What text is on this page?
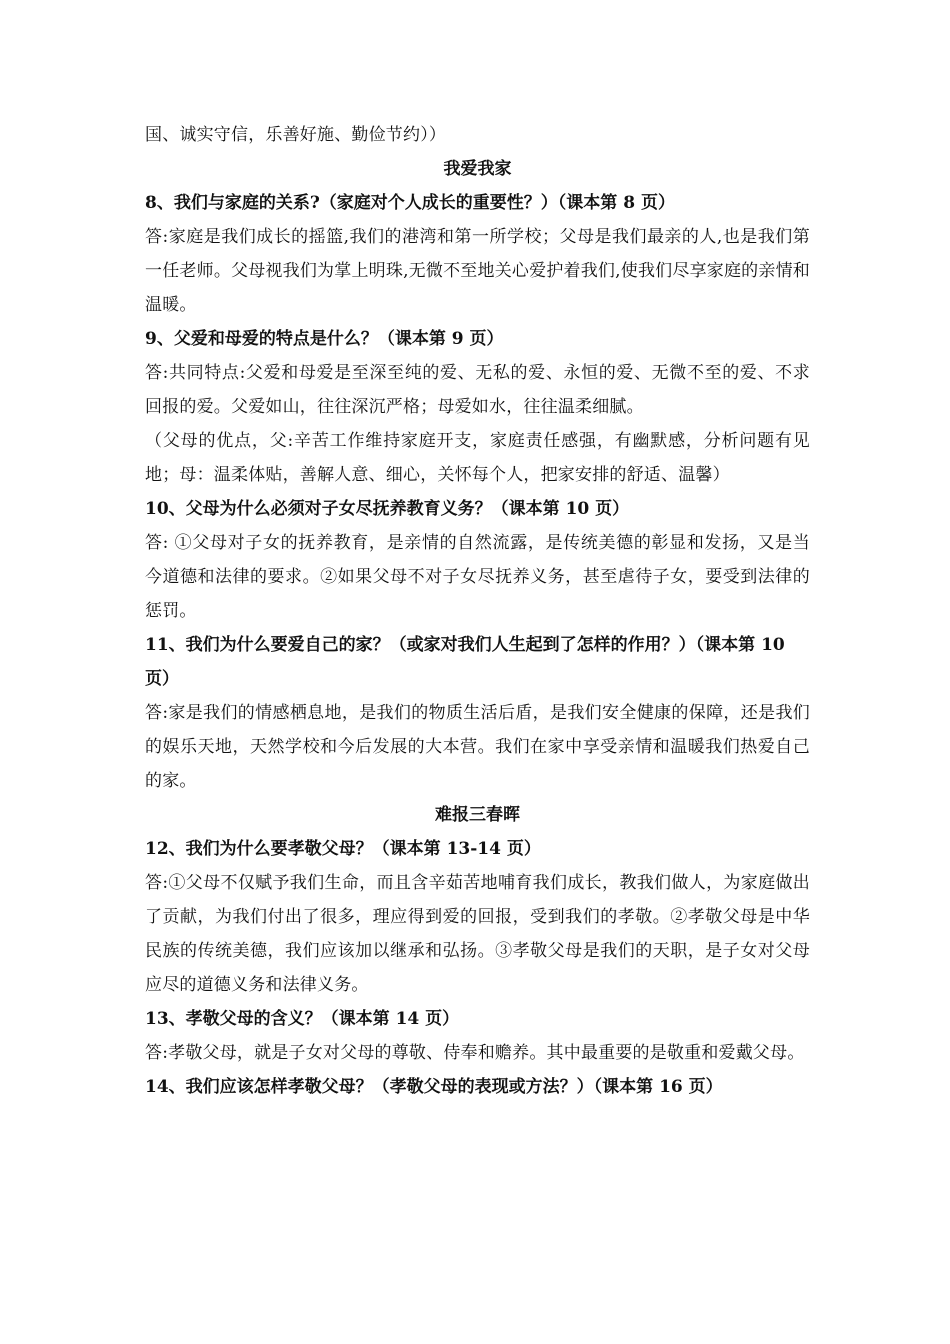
国、诚实守信，乐善好施、勤俭节约））

我爱我家

8、我们与家庭的关系?（家庭对个人成长的重要性？）（课本第 8 页）

答:家庭是我们成长的摇篮,我们的港湾和第一所学校；父母是我们最亲的人,也是我们第一任老师。父母视我们为掌上明珠,无微不至地关心爱护着我们,使我们尽享家庭的亲情和温暖。

9、父爱和母爱的特点是什么？（课本第 9 页）

答:共同特点:父爱和母爱是至深至纯的爱、无私的爱、永恒的爱、无微不至的爱、不求回报的爱。父爱如山，往往深沉严格；母爱如水，往往温柔细腻。

（父母的优点，父:辛苦工作维持家庭开支，家庭责任感强，有幽默感，分析问题有见地；母：温柔体贴，善解人意、细心，关怀每个人，把家安排的舒适、温馨）

10、父母为什么必须对子女尽抚养教育义务？（课本第 10 页）

答: ①父母对子女的抚养教育，是亲情的自然流露，是传统美德的彰显和发扬，又是当今道德和法律的要求。②如果父母不对子女尽抚养义务，甚至虐待子女，要受到法律的惩罚。

11、我们为什么要爱自己的家？（或家对我们人生起到了怎样的作用？）（课本第 10 页）

答:家是我们的情感栖息地，是我们的物质生活后盾，是我们安全健康的保障，还是我们的娱乐天地，天然学校和今后发展的大本营。我们在家中享受亲情和温暖我们热爱自己的家。

难报三春晖

12、我们为什么要孝敬父母？（课本第 13-14 页）

答:①父母不仅赋予我们生命，而且含辛茹苦地哺育我们成长，教我们做人，为家庭做出了贡献，为我们付出了很多，理应得到爱的回报，受到我们的孝敬。②孝敬父母是中华民族的传统美德，我们应该加以继承和弘扬。③孝敬父母是我们的天职，是子女对父母应尽的道德义务和法律义务。

13、孝敬父母的含义？（课本第 14 页）

答:孝敬父母，就是子女对父母的尊敬、侍奉和赡养。其中最重要的是敬重和爱戴父母。

14、我们应该怎样孝敬父母？（孝敬父母的表现或方法？）（课本第 16 页）
